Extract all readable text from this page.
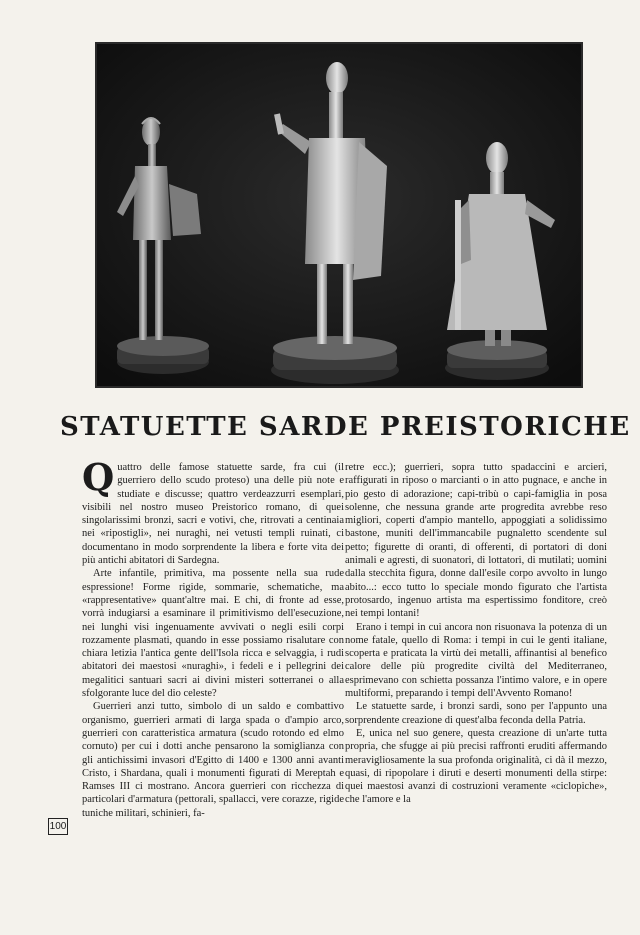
STATUETTE SARDE PREISTORICHE

Quattro delle famose statuette sarde, fra cui (il guerriero dello scudo proteso) una delle più note e studiate e discusse; quattro verdeazzurri esemplari, visibili nel nostro museo Preistorico romano, di quei singolarissimi bronzi, sacri e votivi, che, ritrovati a centinaia nei «ripostigli», nei nuraghi, nei vetusti templi ruinati, ci documentano in modo sorprendente la libera e forte vita dei più antichi abitatori di Sardegna.

Arte infantile, primitiva, ma possente nella sua rude espressione! Forme rigide, sommarie, schematiche, ma «rappresentative» quant'altre mai. E chi, di fronte ad esse, vorrà indugiarsi a esaminare il primitivismo dell'esecuzione, nei lunghi visi ingenuamente avvivati o negli esili corpi rozzamente plasmati, quando in esse possiamo risalutare con chiara letizia l'antica gente dell'Isola ricca e selvaggia, i rudi abitatori dei maestosi «nuraghi», i fedeli e i pellegrini dei megalitici santuari sacri ai divini misteri sotterranei o alla sfolgorante luce del dio celeste?

Guerrieri anzi tutto, simbolo di un saldo e combattivo organismo, guerrieri armati di larga spada o d'ampio arco, guerrieri con caratteristica armatura (scudo rotondo ed elmo cornuto) per cui i dotti anche pensarono la somiglianza con gli antichissimi invasori d'Egitto di 1400 e 1300 anni avanti Cristo, i Shardana, quali i monumenti figurati di Mereptah e Ramses III ci mostrano. Ancora guerrieri con ricchezza di particolari d'armatura (pettorali, spallacci, vere corazze, rigide tuniche militari, schinieri, fa-

retre ecc.); guerrieri, sopra tutto spadaccini e arcieri, raffigurati in riposo o marcianti o in atto pugnace, e anche in pio gesto di adorazione; capi-tribù o capi-famiglia in posa solenne, che nessuna grande arte progredita avrebbe reso migliori, coperti d'ampio mantello, appoggiati a solidissimo bastone, muniti dell'immancabile pugnaletto scendente sul petto; figurette di oranti, di offerenti, di portatori di doni animali e agresti, di suonatori, di lottatori, di mutilati; uomini dalla stecchita figura, donne dall'esile corpo avvolto in lungo abito...: ecco tutto lo speciale mondo figurato che l'artista protosardo, ingenuo artista ma espertissimo fonditore, creò nei tempi lontani!

Erano i tempi in cui ancora non risuonava la potenza di un nome fatale, quello di Roma: i tempi in cui le genti italiane, scoperta e praticata la virtù dei metalli, affinantisi al benefico calore delle più progredite civiltà del Mediterraneo, esprimevano con schietta possanza l'intimo valore, e in opere multiformi, preparando i tempi dell'Avvento Romano!

Le statuette sarde, i bronzi sardi, sono per l'appunto una sorprendente creazione di quest'alba feconda della Patria.

E, unica nel suo genere, questa creazione di un'arte tutta propria, che sfugge ai più precisi raffronti eruditi affermando meravigliosamente la sua profonda originalità, ci dà il mezzo, quasi, di ripopolare i diruti e deserti monumenti della stirpe: quei maestosi avanzi di costruzioni veramente «ciclopiche», che l'amore e la

100
